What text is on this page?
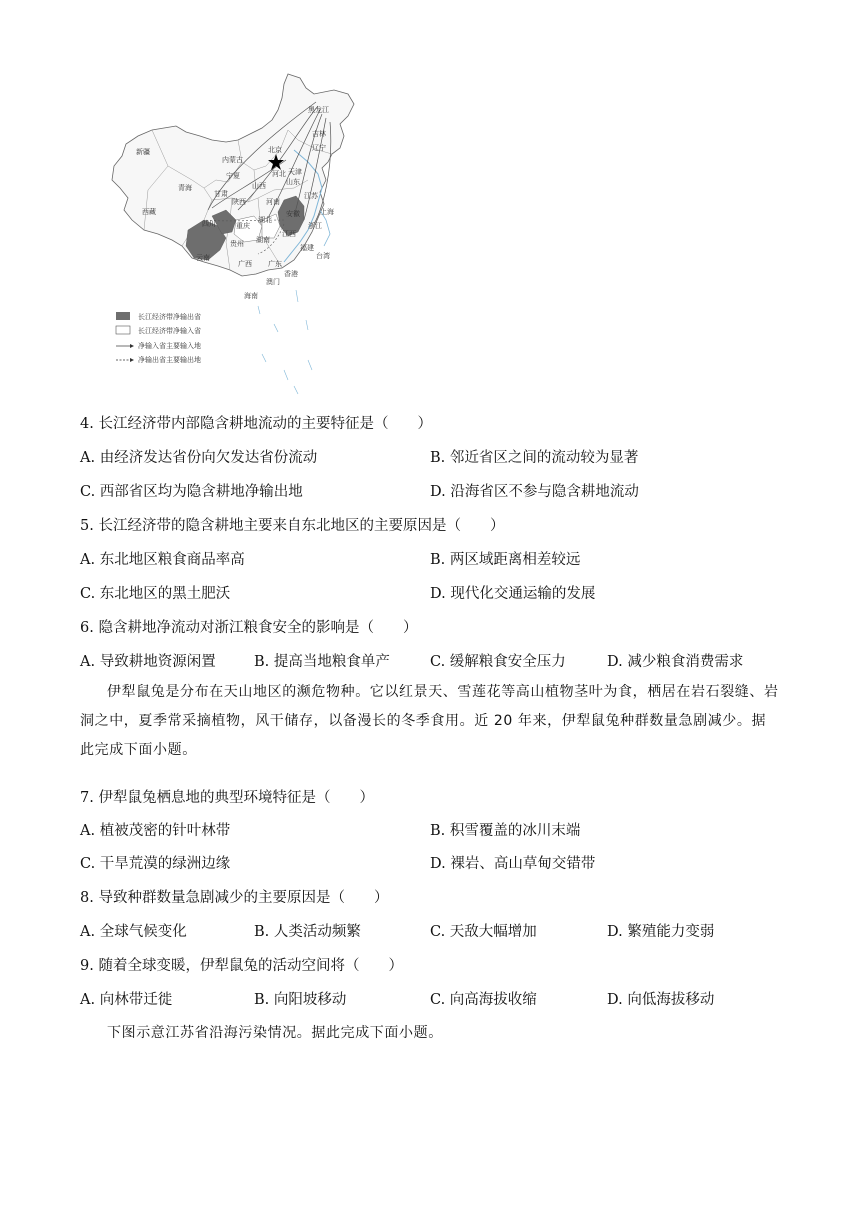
黑龙江
吉林
辽宁
内蒙古
新疆	北京
天津
河北
山东
宁夏
甘肃
青海
陕西
山西
河南
江苏
上海
西藏
四川	湖北
安徽
重庆	浙江
湖南
江西
贵州
云南
广西 广东
福建
台湾
香港
澳门
海南
长江经济带净输出省
长江经济带净输入省
净输入省主要输入地
净输出省主要输出地
4. 长江经济带内部隐含耕地流动的主要特征是（　　）
A. 由经济发达省份向欠发达省份流动	B. 邻近省区之间的流动较为显著
C. 西部省区均为隐含耕地净输出地	D. 沿海省区不参与隐含耕地流动
5. 长江经济带的隐含耕地主要来自东北地区的主要原因是（　　）
A. 东北地区粮食商品率高	B. 两区域距离相差较远
C. 东北地区的黑土肥沃	D. 现代化交通运输的发展
6. 隐含耕地净流动对浙江粮食安全的影响是（　　）
A. 导致耕地资源闲置	B. 提高当地粮食单产	C. 缓解粮食安全压力	D. 减少粮食消费需求
伊犁鼠兔是分布在天山地区的濒危物种。它以红景天、雪莲花等高山植物茎叶为食，栖居在岩石裂缝、岩洞之中，夏季常采摘植物，风干储存，以备漫长的冬季食用。近 20 年来，伊犁鼠兔种群数量急剧减少。据此完成下面小题。
7. 伊犁鼠兔栖息地的典型环境特征是（　　）
A. 植被茂密的针叶林带	B. 积雪覆盖的冰川末端
C. 干旱荒漠的绿洲边缘	D. 裸岩、高山草甸交错带
8. 导致种群数量急剧减少的主要原因是（　　）
A. 全球气候变化	B. 人类活动频繁	C. 天敌大幅增加	D. 繁殖能力变弱
9. 随着全球变暖，伊犁鼠兔的活动空间将（　　）
A. 向林带迁徙	B. 向阳坡移动	C. 向高海拔收缩	D. 向低海拔移动
下图示意江苏省沿海污染情况。据此完成下面小题。
